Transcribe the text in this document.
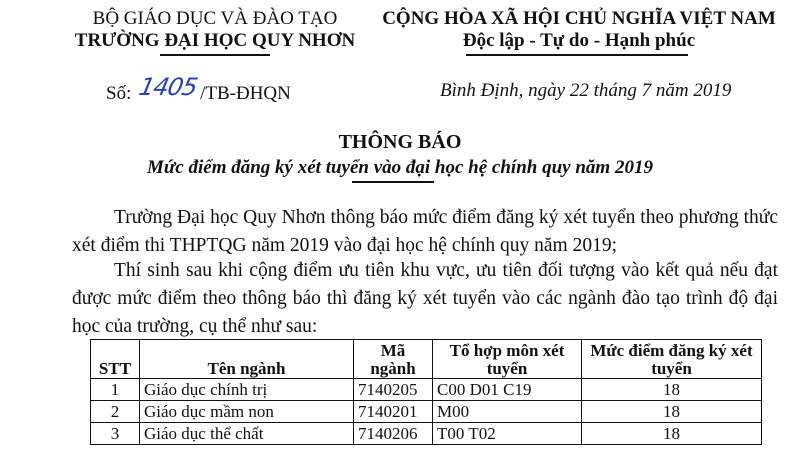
BỘ GIÁO DỤC VÀ ĐÀO TẠO
TRƯỜNG ĐẠI HỌC QUY NHƠN
CỘNG HÒA XÃ HỘI CHỦ NGHĨA VIỆT NAM
Độc lập - Tự do - Hạnh phúc
Số: 1405/TB-ĐHQN	Bình Định, ngày 22 tháng 7 năm 2019
THÔNG BÁO
Mức điểm đăng ký xét tuyển vào đại học hệ chính quy năm 2019
Trường Đại học Quy Nhơn thông báo mức điểm đăng ký xét tuyển theo phương thức xét điểm thi THPTQG năm 2019 vào đại học hệ chính quy năm 2019;
Thí sinh sau khi cộng điểm ưu tiên khu vực, ưu tiên đối tượng vào kết quả nếu đạt được mức điểm theo thông báo thì đăng ký xét tuyển vào các ngành đào tạo trình độ đại học của trường, cụ thể như sau:
STT	Tên ngành	Mã ngành	Tổ hợp môn xét tuyển	Mức điểm đăng ký xét tuyển
1	Giáo dục chính trị	7140205	C00 D01 C19	18
2	Giáo dục mầm non	7140201	M00	18
3	Giáo dục thể chất	7140206	T00 T02	18
